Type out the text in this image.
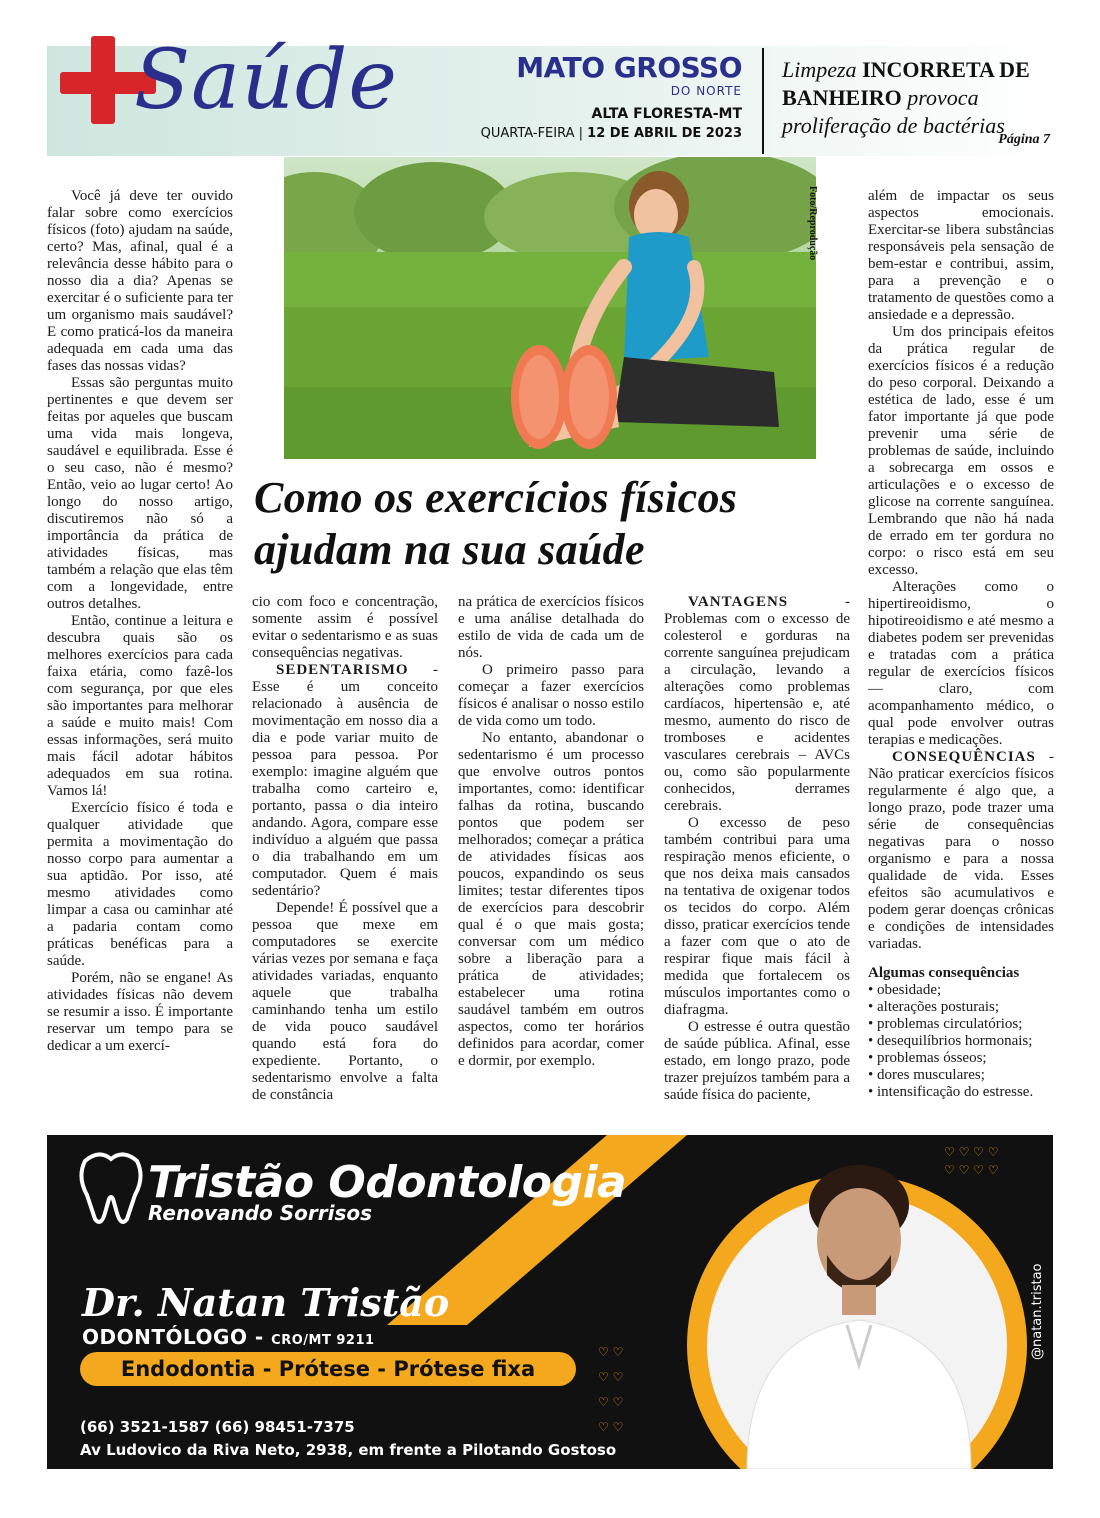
Saúde	MATO GROSSO
DO NORTE
ALTA FLORESTA-MT
QUARTA-FEIRA | 12 DE ABRIL DE 2023
Limpeza INCORRETA DE BANHEIRO provoca proliferação de bactérias
Página 7
Foto/Reprodução
Como os exercícios físicos ajudam na sua saúde

Você já deve ter ouvido falar sobre como exercícios físicos (foto) ajudam na saúde, certo? Mas, afinal, qual é a relevância desse hábito para o nosso dia a dia? Apenas se exercitar é o suficiente para ter um organismo mais saudável? E como praticá-los da maneira adequada em cada uma das fases das nossas vidas?

Essas são perguntas muito pertinentes e que devem ser feitas por aqueles que buscam uma vida mais longeva, saudável e equilibrada. Esse é o seu caso, não é mesmo? Então, veio ao lugar certo! Ao longo do nosso artigo, discutiremos não só a importância da prática de atividades físicas, mas também a relação que elas têm com a longevidade, entre outros detalhes.

Então, continue a leitura e descubra quais são os melhores exercícios para cada faixa etária, como fazê-los com segurança, por que eles são importantes para melhorar a saúde e muito mais! Com essas informações, será muito mais fácil adotar hábitos adequados em sua rotina. Vamos lá!

Exercício físico é toda e qualquer atividade que permita a movimentação do nosso corpo para aumentar a sua aptidão. Por isso, até mesmo atividades como limpar a casa ou caminhar até a padaria contam como práticas benéficas para a saúde.

Porém, não se engane! As atividades físicas não devem se resumir a isso. É importante reservar um tempo para se dedicar a um exercí-

cio com foco e concentração, somente assim é possível evitar o sedentarismo e as suas consequências negativas.

SEDENTARISMO - Esse é um conceito relacionado à ausência de movimentação em nosso dia a dia e pode variar muito de pessoa para pessoa. Por exemplo: imagine alguém que trabalha como carteiro e, portanto, passa o dia inteiro andando. Agora, compare esse indivíduo a alguém que passa o dia trabalhando em um computador. Quem é mais sedentário?

Depende! É possível que a pessoa que mexe em computadores se exercite várias vezes por semana e faça atividades variadas, enquanto aquele que trabalha caminhando tenha um estilo de vida pouco saudável quando está fora do expediente. Portanto, o sedentarismo envolve a falta de constância

na prática de exercícios físicos e uma análise detalhada do estilo de vida de cada um de nós.

O primeiro passo para começar a fazer exercícios físicos é analisar o nosso estilo de vida como um todo.

No entanto, abandonar o sedentarismo é um processo que envolve outros pontos importantes, como: identificar falhas da rotina, buscando pontos que podem ser melhorados; começar a prática de atividades físicas aos poucos, expandindo os seus limites; testar diferentes tipos de exercícios para descobrir qual é o que mais gosta; conversar com um médico sobre a liberação para a prática de atividades; estabelecer uma rotina saudável também em outros aspectos, como ter horários definidos para acordar, comer e dormir, por exemplo.

VANTAGENS - Problemas com o excesso de colesterol e gorduras na corrente sanguínea prejudicam a circulação, levando a alterações como problemas cardíacos, hipertensão e, até mesmo, aumento do risco de tromboses e acidentes vasculares cerebrais – AVCs ou, como são popularmente conhecidos, derrames cerebrais.

O excesso de peso também contribui para uma respiração menos eficiente, o que nos deixa mais cansados na tentativa de oxigenar todos os tecidos do corpo. Além disso, praticar exercícios tende a fazer com que o ato de respirar fique mais fácil à medida que fortalecem os músculos importantes como o diafragma.

O estresse é outra questão de saúde pública. Afinal, esse estado, em longo prazo, pode trazer prejuízos também para a saúde física do paciente,

além de impactar os seus aspectos emocionais. Exercitar-se libera substâncias responsáveis pela sensação de bem-estar e contribui, assim, para a prevenção e o tratamento de questões como a ansiedade e a depressão.

Um dos principais efeitos da prática regular de exercícios físicos é a redução do peso corporal. Deixando a estética de lado, esse é um fator importante já que pode prevenir uma série de problemas de saúde, incluindo a sobrecarga em ossos e articulações e o excesso de glicose na corrente sanguínea. Lembrando que não há nada de errado em ter gordura no corpo: o risco está em seu excesso.

Alterações como o hipertireoidismo, o hipotireoidismo e até mesmo a diabetes podem ser prevenidas e tratadas com a prática regular de exercícios físicos — claro, com acompanhamento médico, o qual pode envolver outras terapias e medicações.

CONSEQUÊNCIAS - Não praticar exercícios físicos regularmente é algo que, a longo prazo, pode trazer uma série de consequências negativas para o nosso organismo e para a nossa qualidade de vida. Esses efeitos são acumulativos e podem gerar doenças crônicas e condições de intensidades variadas.

Algumas consequências

• obesidade;
• alterações posturais;
• problemas circulatórios;
• desequilíbrios hormonais;
• problemas ósseos;
• dores musculares;
• intensificação do estresse.
Tristão Odontologia
Renovando Sorrisos
Dr. Natan Tristão
ODONTÓLOGO - CRO/MT 9211
Endodontia - Prótese - Prótese fixa
(66) 3521-1587 (66) 98451-7375
Av Ludovico da Riva Neto, 2938, em frente a Pilotando Gostoso
@natan.tristao
♡ ♡ ♡ ♡
♡ ♡ ♡ ♡
♡ ♡
♡ ♡
♡ ♡
♡ ♡
